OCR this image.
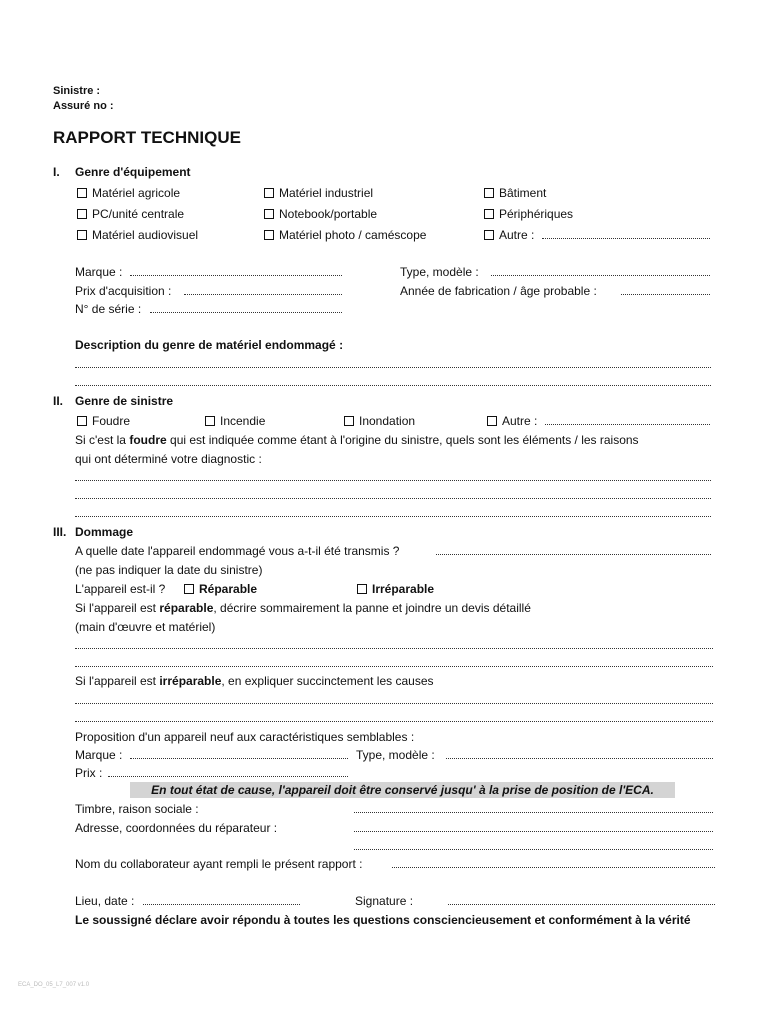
Sinistre :
Assuré no :
RAPPORT TECHNIQUE
I. Genre d'équipement
Matériel agricole	Matériel industriel	Bâtiment
PC/unité centrale	Notebook/portable	Périphériques
Matériel audiovisuel	Matériel photo / caméscope	Autre :
Marque :	Type, modèle :
Prix d'acquisition :	Année de fabrication / âge probable :
N° de série :
Description du genre de matériel endommagé :
II. Genre de sinistre
Foudre	Incendie	Inondation	Autre :
Si c'est la foudre qui est indiquée comme étant à l'origine du sinistre, quels sont les éléments / les raisons
qui ont déterminé votre diagnostic :
III. Dommage
A quelle date l'appareil endommagé vous a-t-il été transmis ?
(ne pas indiquer la date du sinistre)
L'appareil est-il ?	Réparable	Irréparable
Si l'appareil est réparable, décrire sommairement la panne et joindre un devis détaillé
(main d'œuvre et matériel)
Si l'appareil est irréparable, en expliquer succinctement les causes
Proposition d'un appareil neuf aux caractéristiques semblables :
Marque :	Type, modèle :
Prix :
En tout état de cause, l'appareil doit être conservé jusqu' à la prise de position de l'ECA.
Timbre, raison sociale :
Adresse, coordonnées du réparateur :
Nom du collaborateur ayant rempli le présent rapport :
Lieu, date :	Signature :
Le soussigné déclare avoir répondu à toutes les questions consciencieusement et conformément à la vérité
ECA_DO_05_L7_007 v1.0
